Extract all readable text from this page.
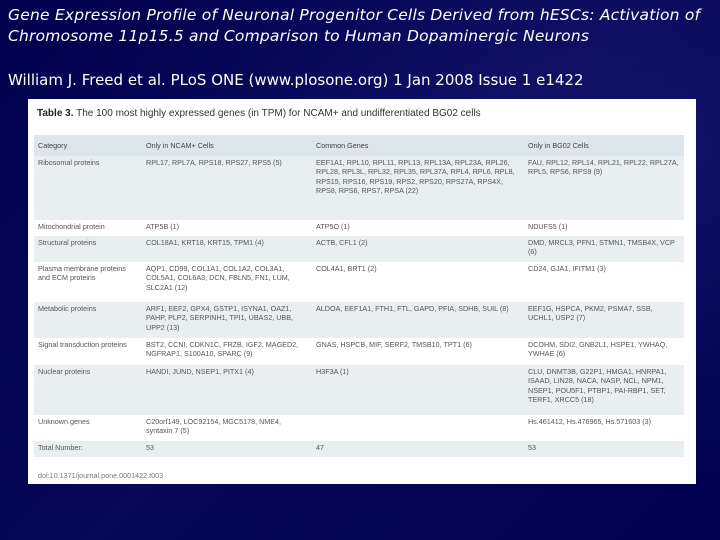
Gene Expression Profile of Neuronal Progenitor Cells Derived from hESCs: Activation of Chromosome 11p15.5 and Comparison to Human Dopaminergic Neurons
William J. Freed et al. PLoS ONE (www.plosone.org) 1 Jan 2008 Issue 1 e1422
Table 3. The 100 most highly expressed genes (in TPM) for NCAM+ and undifferentiated BG02 cells
Category	Only in NCAM+ Cells	Common Genes	Only in BG02 Cells
Ribosomal proteins	RPL17, RPL7A, RPS18, RPS27, RPS5 (5)	EEF1A1, RPL10, RPL11, RPL13, RPL13A, RPL23A, RPL26, RPL28, RPL3L, RPL32, RPL35, RPL37A, RPL4, RPL6, RPL8, RPS15, RPS16, RPS19, RPS2, RPS20, RPS27A, RPS4X, RPS8, RPS6, RPS7, RPSA (22)	FAU, RPL12, RPL14, RPL21, RPL22, RPL27A, RPL5, RPS6, RPS9 (9)
Mitochondrial protein	ATP5B (1)	ATP5O (1)	NDUFS5 (1)
Structural proteins	COL18A1, KRT18, KRT15, TPM1 (4)	ACTB, CFL1 (2)	DMD, MRCL3, PFN1, STMN1, TMSB4X, VCP (6)
Plasma membrane proteins and ECM proteins	AQP1, CD99, COL1A1, COL1A2, COL3A1, COL5A1, COL6A3, DCN, FBLN5, FN1, LUM, SLC2A1 (12)	COL4A1, BRT1 (2)	CD24, GJA1, IFITM1 (3)
Metabolic proteins	ARF1, EEF2, GPX4, GSTP1, ISYNA1, OAZ1, PAHP, PLP2, SERPINH1, TPI1, UBAS2, UBB, UPP2 (13)	ALDOA, EEF1A1, FTH1, FTL, GAPD, PFIA, SDHB, SUIL (8)	EEF1G, HSPCA, PKM2, PSMA7, SSB, UCHL1, USP2 (7)
Signal transduction proteins	BST2, CCNI, CDKN1C, FRZB, IGF2, MAGED2, NGFRAP1, S100A10, SPARC (9)	GNAS, HSPCB, MIF, SERF2, TMSB10, TPT1 (6)	DCOHM, SDI2, GNB2L1, HSPE1, YWHAQ, YWHAE (6)
Nuclear proteins	HANDI, JUND, NSEP1, PITX1 (4)	H3F3A (1)	CLU, DNMT3B, G22P1, HMGA1, HNRPA1, ISAAD, LIN28, NACA, NASP, NCL, NPM1, NSEP1, POU5F1, PTBP1, PAI-RBP1, SET, TERF1, XRCC5 (18)
Unknown genes	C20orf149, LOC92154, MGC5178, NME4, syntaxin 7 (5)		Hs.461412, Hs.476965, Hs.571603 (3)
Total Number:	53	47	53
doi:10.1371/journal.pone.0001422.t003
